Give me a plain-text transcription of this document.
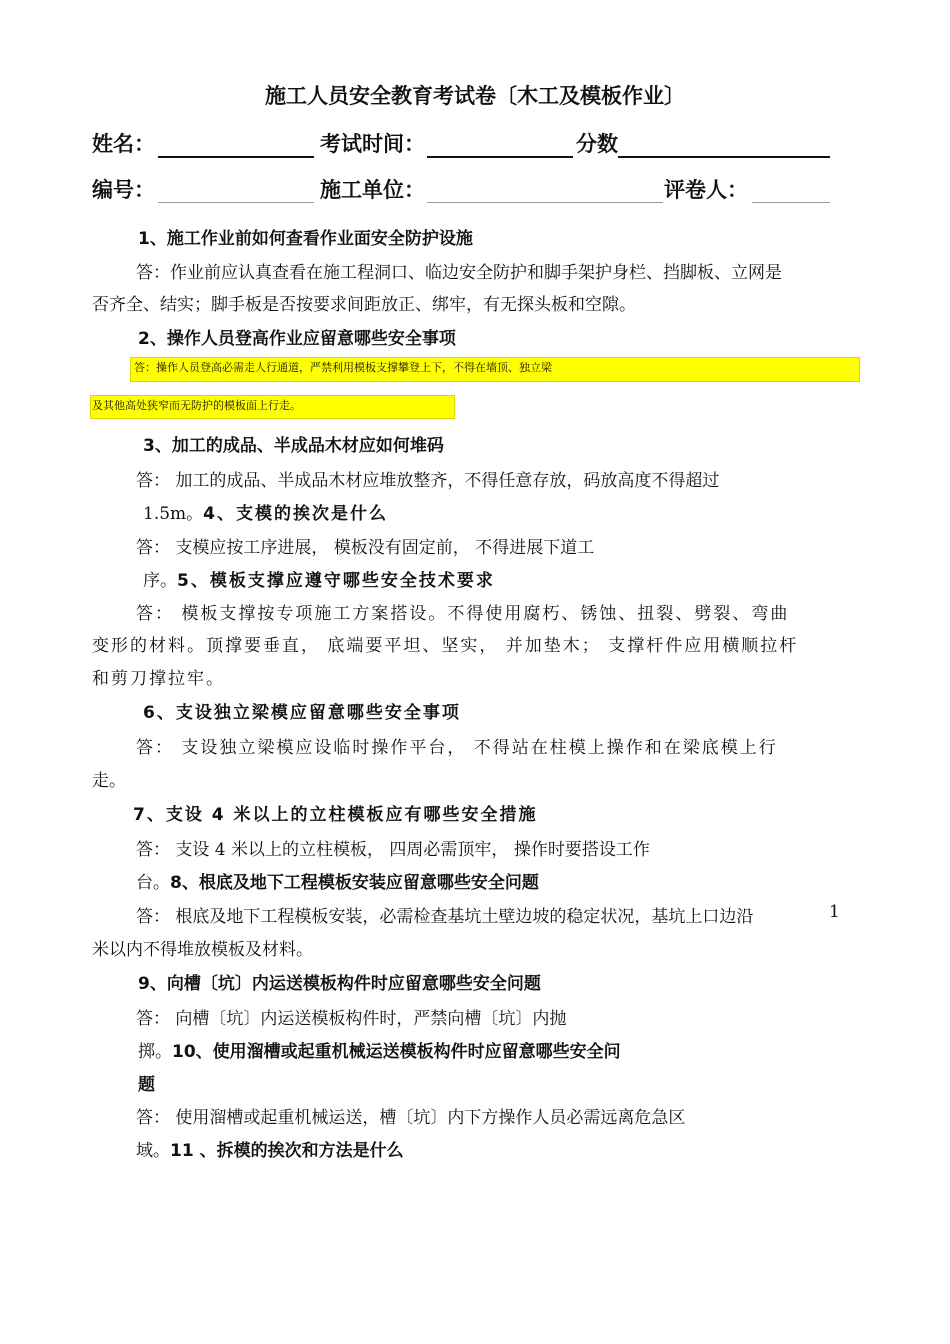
施工人员安全教育考试卷〔木工及模板作业〕
姓名：	考试时间：	分数
编号：	施工单位：	评卷人：
1、施工作业前如何查看作业面安全防护设施
答：作业前应认真查看在施工程洞口、临边安全防护和脚手架护身栏、挡脚板、立网是
否齐全、结实；脚手板是否按要求间距放正、绑牢，有无探头板和空隙。
2、操作人员登高作业应留意哪些安全事项
答：操作人员登高必需走人行通道，严禁利用模板支撑攀登上下，不得在墙顶、独立梁
及其他高处狭窄而无防护的模板面上行走。
3、加工的成品、半成品木材应如何堆码
答： 加工的成品、半成品木材应堆放整齐，不得任意存放，码放高度不得超过
1.5m。4、支模的挨次是什么
答： 支模应按工序进展， 模板没有固定前， 不得进展下道工
序。5、模板支撑应遵守哪些安全技术要求
答： 模板支撑按专项施工方案搭设。不得使用腐朽、锈蚀、扭裂、劈裂、弯曲
变形的材料。顶撑要垂直， 底端要平坦、坚实， 并加垫木； 支撑杆件应用横顺拉杆
和剪刀撑拉牢。
6、支设独立梁模应留意哪些安全事项
答： 支设独立梁模应设临时操作平台， 不得站在柱模上操作和在梁底模上行
走。
7、支设 4 米以上的立柱模板应有哪些安全措施
答： 支设 4 米以上的立柱模板， 四周必需顶牢， 操作时要搭设工作
台。8、根底及地下工程模板安装应留意哪些安全问题
答： 根底及地下工程模板安装，必需检查基坑土壁边坡的稳定状况，基坑上口边沿	1
米以内不得堆放模板及材料。
9、向槽〔坑〕内运送模板构件时应留意哪些安全问题
答： 向槽〔坑〕内运送模板构件时，严禁向槽〔坑〕内抛
掷。10、使用溜槽或起重机械运送模板构件时应留意哪些安全问
题
答： 使用溜槽或起重机械运送，槽〔坑〕内下方操作人员必需远离危急区
域。11 、拆模的挨次和方法是什么
